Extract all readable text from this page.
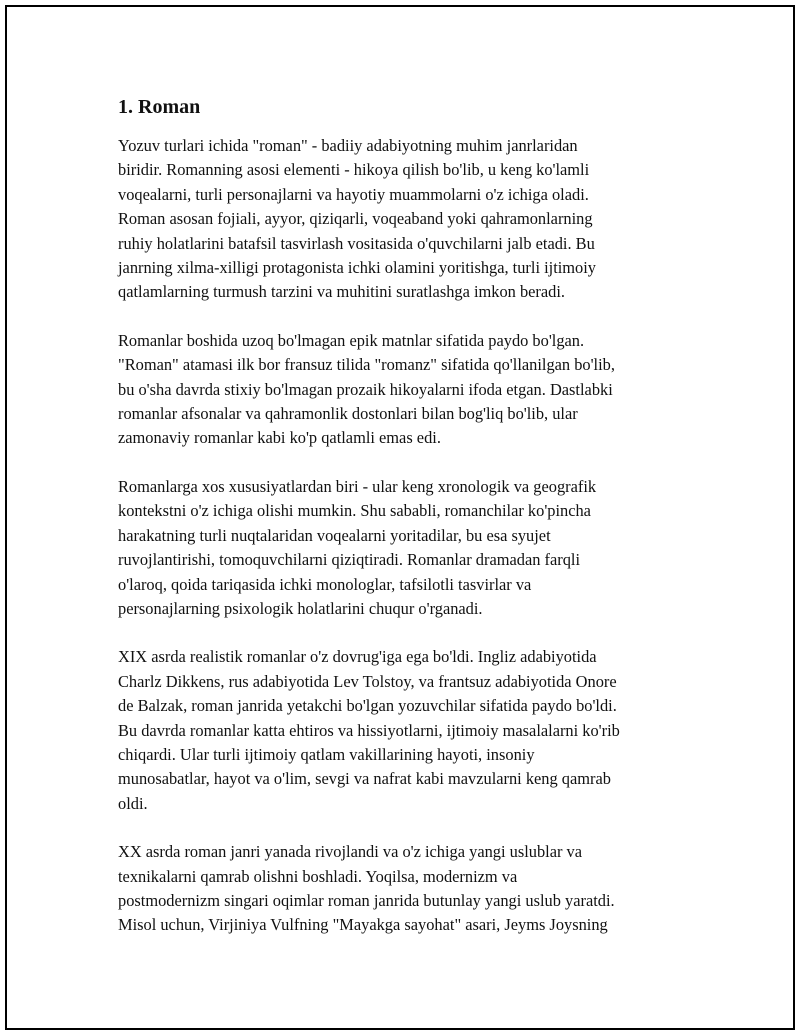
1. Roman

Yozuv turlari ichida "roman" - badiiy adabiyotning muhim janrlaridan
biridir. Romanning asosi elementi - hikoya qilish bo'lib, u keng ko'lamli
voqealarni, turli personajlarni va hayotiy muammolarni o'z ichiga oladi.
Roman asosan fojiali, ayyor, qiziqarli, voqeaband yoki qahramonlarning
ruhiy holatlarini batafsil tasvirlash vositasida o'quvchilarni jalb etadi. Bu
janrning xilma-xilligi protagonista ichki olamini yoritishga, turli ijtimoiy
qatlamlarning turmush tarzini va muhitini suratlashga imkon beradi.

Romanlar boshida uzoq bo'lmagan epik matnlar sifatida paydo bo'lgan.
"Roman" atamasi ilk bor fransuz tilida "romanz" sifatida qo'llanilgan bo'lib,
bu o'sha davrda stixiy bo'lmagan prozaik hikoyalarni ifoda etgan. Dastlabki
romanlar afsonalar va qahramonlik dostonlari bilan bog'liq bo'lib, ular
zamonaviy romanlar kabi ko'p qatlamli emas edi.

Romanlarga xos xususiyatlardan biri - ular keng xronologik va geografik
kontekstni o'z ichiga olishi mumkin. Shu sababli, romanchilar ko'pincha
harakatning turli nuqtalaridan voqealarni yoritadilar, bu esa syujet
ruvojlantirishi, tomoquvchilarni qiziqtiradi. Romanlar dramadan farqli
o'laroq, qoida tariqasida ichki monologlar, tafsilotli tasvirlar va
personajlarning psixologik holatlarini chuqur o'rganadi.

XIX asrda realistik romanlar o'z dovrug'iga ega bo'ldi. Ingliz adabiyotida
Charlz Dikkens, rus adabiyotida Lev Tolstoy, va frantsuz adabiyotida Onore
de Balzak, roman janrida yetakchi bo'lgan yozuvchilar sifatida paydo bo'ldi.
Bu davrda romanlar katta ehtiros va hissiyotlarni, ijtimoiy masalalarni ko'rib
chiqardi. Ular turli ijtimoiy qatlam vakillarining hayoti, insoniy
munosabatlar, hayot va o'lim, sevgi va nafrat kabi mavzularni keng qamrab
oldi.

XX asrda roman janri yanada rivojlandi va o'z ichiga yangi uslublar va
texnikalarni qamrab olishni boshladi. Yoqilsa, modernizm va
postmodernizm singari oqimlar roman janrida butunlay yangi uslub yaratdi.
Misol uchun, Virjiniya Vulfning "Mayakga sayohat" asari, Jeyms Joysning
